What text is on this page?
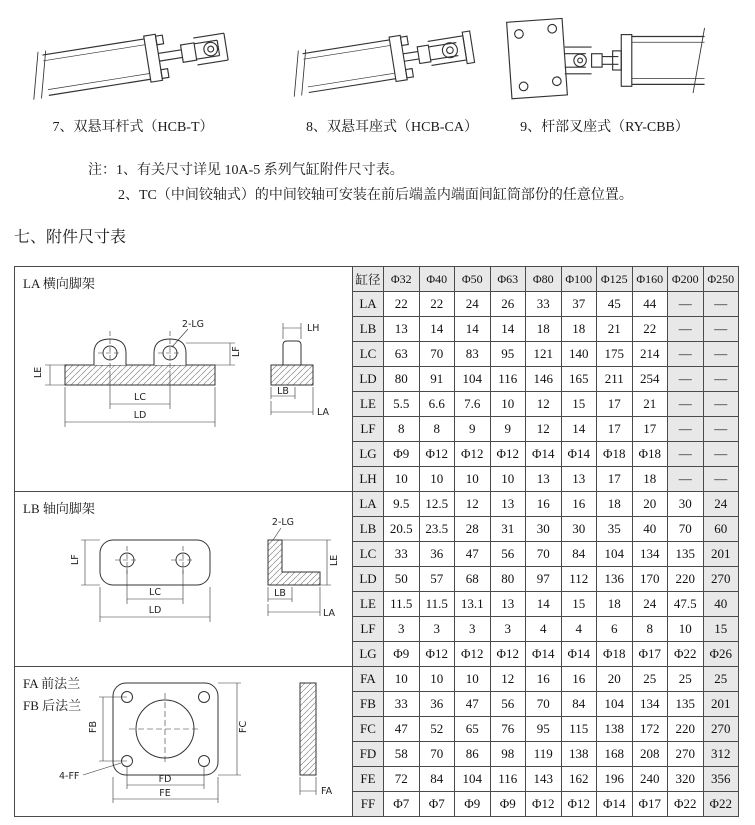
7、双悬耳杆式（HCB-T）	8、双悬耳座式（HCB-CA）	9、杆部叉座式（RY-CBB）
注：1、有关尺寸详见 10A-5 系列气缸附件尺寸表。
2、TC（中间铰轴式）的中间铰轴可安装在前后端盖内端面间缸筒部份的任意位置。
七、附件尺寸表
LA 横向脚架
LE
LF
LC
LD
2-LG	LH
LB
LA
LB 轴向脚架
LF
LC
LD
2-LG
LE
LB
LA
FA 前法兰
FB 后法兰
FB	FC
FD
FE
4-FF
FA
缸径 Φ32	Φ40	Φ50	Φ63	Φ80 Φ100 Φ125 Φ160 Φ200 Φ250
LA	22	22	24	26	33	37	45	44	—	—
LB	13	14	14	14	18	18	21	22	—	—
LC	63	70	83	95	121	140	175	214	—	—
LD	80	91	104	116	146	165	211	254	—	—
LE	5.5	6.6	7.6	10	12	15	17	21	—	—
LF	8	8	9	9	12	14	17	17	—	—
LG	Φ9	Φ12 Φ12 Φ12 Φ14 Φ14 Φ18 Φ18	—	—
LH	10	10	10	10	13	13	17	18	—	—
LA	9.5	12.5	12	13	16	16	18	20	30	24
LB	20.5 23.5	28	31	30	30	35	40	70	60
LC	33	36	47	56	70	84	104	134	135	201
LD	50	57	68	80	97	112	136	170	220	270
LE	11.5	11.5 13.1	13	14	15	18	24	47.5	40
LF	3	3	3	3	4	4	6	8	10	15
LG	Φ9	Φ12 Φ12 Φ12 Φ14 Φ14 Φ18 Φ17 Φ22 Φ26
FA	10	10	10	12	16	16	20	25	25	25
FB	33	36	47	56	70	84	104	134	135	201
FC	47	52	65	76	95	115	138	172	220	270
FD	58	70	86	98	119	138	168	208	270	312
FE	72	84	104	116	143	162	196	240	320	356
FF	Φ7	Φ7	Φ9	Φ9	Φ12 Φ12 Φ14 Φ17 Φ22 Φ22
